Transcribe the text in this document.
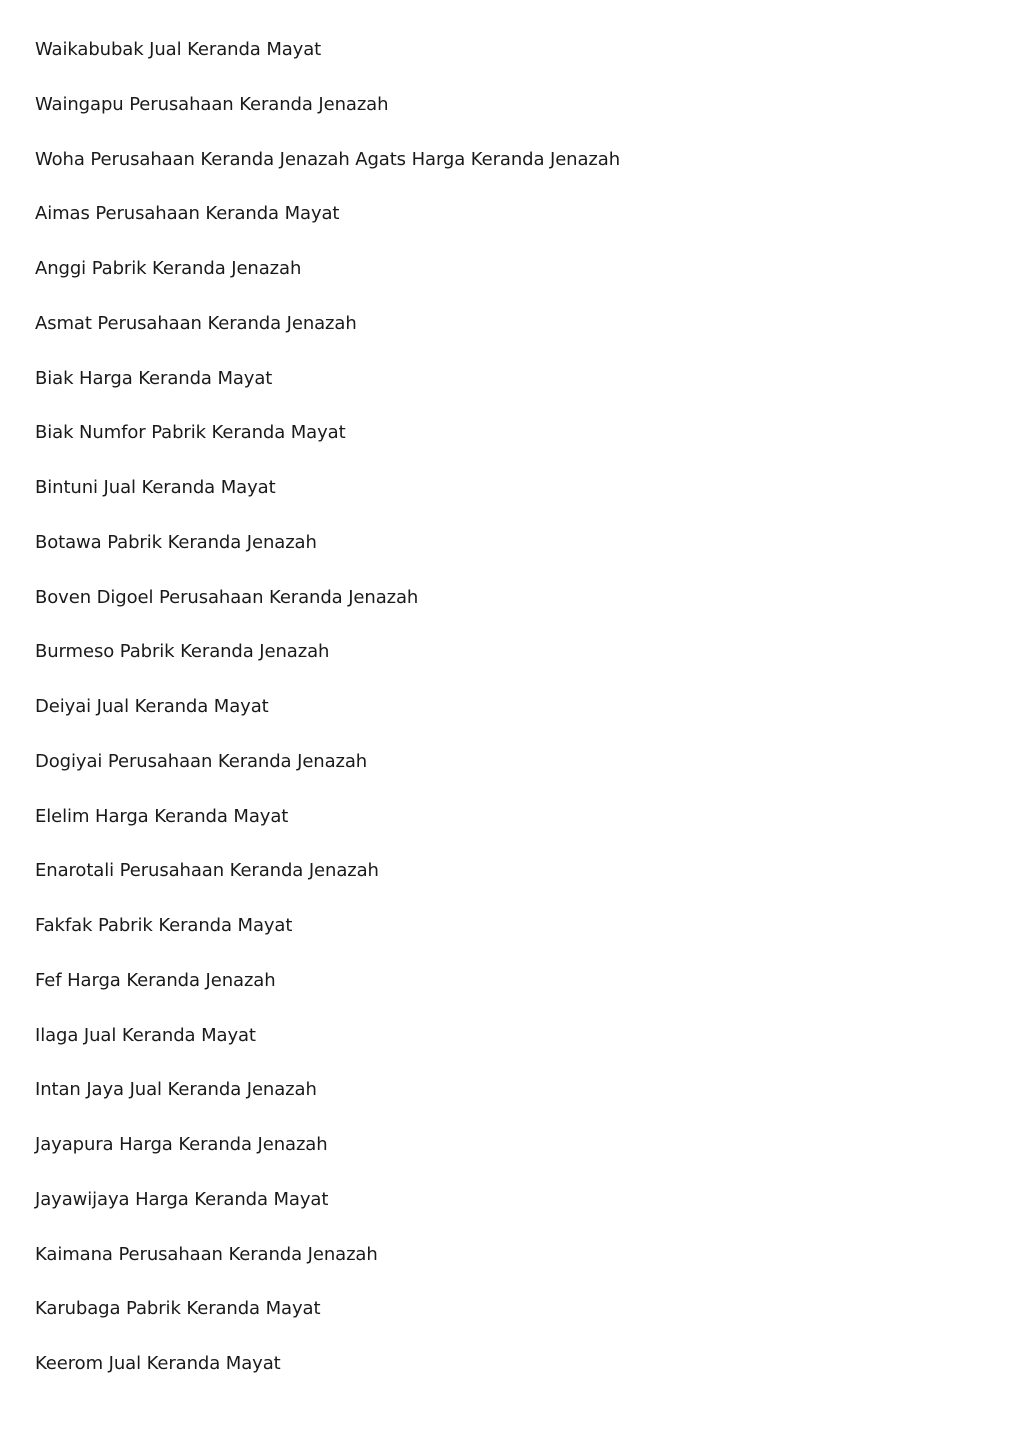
Waikabubak Jual Keranda Mayat
Waingapu Perusahaan Keranda Jenazah
Woha Perusahaan Keranda Jenazah Agats Harga Keranda Jenazah
Aimas Perusahaan Keranda Mayat
Anggi Pabrik Keranda Jenazah
Asmat Perusahaan Keranda Jenazah
Biak Harga Keranda Mayat
Biak Numfor Pabrik Keranda Mayat
Bintuni Jual Keranda Mayat
Botawa Pabrik Keranda Jenazah
Boven Digoel Perusahaan Keranda Jenazah
Burmeso Pabrik Keranda Jenazah
Deiyai Jual Keranda Mayat
Dogiyai Perusahaan Keranda Jenazah
Elelim Harga Keranda Mayat
Enarotali Perusahaan Keranda Jenazah
Fakfak Pabrik Keranda Mayat
Fef Harga Keranda Jenazah
Ilaga Jual Keranda Mayat
Intan Jaya Jual Keranda Jenazah
Jayapura Harga Keranda Jenazah
Jayawijaya Harga Keranda Mayat
Kaimana Perusahaan Keranda Jenazah
Karubaga Pabrik Keranda Mayat
Keerom Jual Keranda Mayat
